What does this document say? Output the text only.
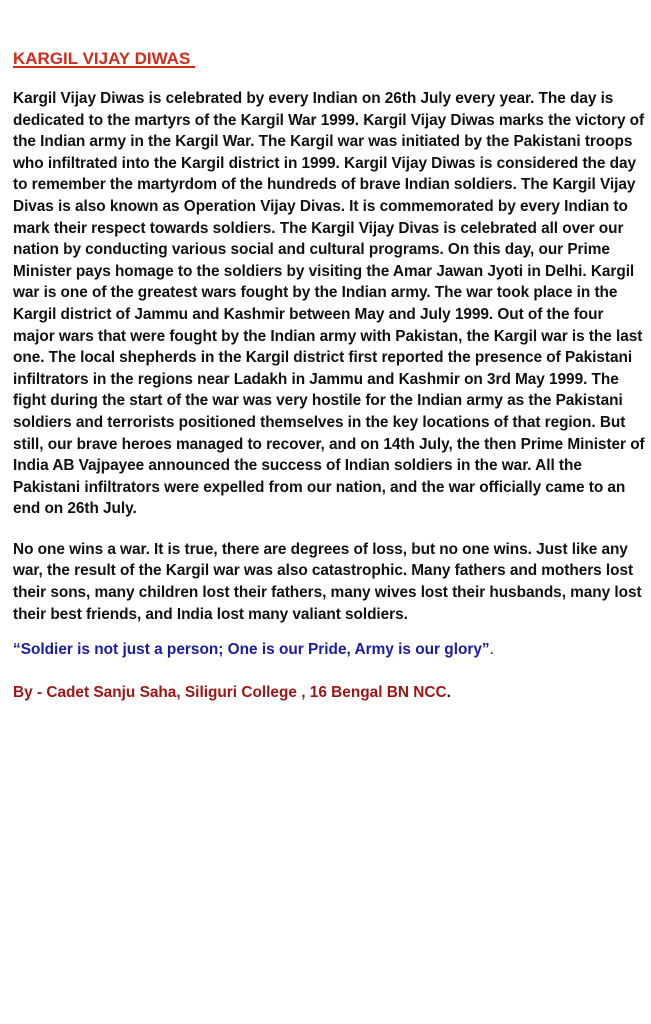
KARGIL VIJAY DIWAS

Kargil Vijay Diwas is celebrated by every Indian on 26th July every year. The day is dedicated to the martyrs of the Kargil War 1999. Kargil Vijay Diwas marks the victory of the Indian army in the Kargil War. The Kargil war was initiated by the Pakistani troops who infiltrated into the Kargil district in 1999. Kargil Vijay Diwas is considered the day to remember the martyrdom of the hundreds of brave Indian soldiers. The Kargil Vijay Divas is also known as Operation Vijay Divas. It is commemorated by every Indian to mark their respect towards soldiers. The Kargil Vijay Divas is celebrated all over our nation by conducting various social and cultural programs. On this day, our Prime Minister pays homage to the soldiers by visiting the Amar Jawan Jyoti in Delhi. Kargil war is one of the greatest wars fought by the Indian army. The war took place in the Kargil district of Jammu and Kashmir between May and July 1999. Out of the four major wars that were fought by the Indian army with Pakistan, the Kargil war is the last one. The local shepherds in the Kargil district first reported the presence of Pakistani infiltrators in the regions near Ladakh in Jammu and Kashmir on 3rd May 1999. The fight during the start of the war was very hostile for the Indian army as the Pakistani soldiers and terrorists positioned themselves in the key locations of that region. But still, our brave heroes managed to recover, and on 14th July, the then Prime Minister of India AB Vajpayee announced the success of Indian soldiers in the war. All the Pakistani infiltrators were expelled from our nation, and the war officially came to an end on 26th July.

No one wins a war. It is true, there are degrees of loss, but no one wins. Just like any war, the result of the Kargil war was also catastrophic. Many fathers and mothers lost their sons, many children lost their fathers, many wives lost their husbands, many lost their best friends, and India lost many valiant soldiers.

“Soldier is not just a person; One is our Pride, Army is our glory”.

By - Cadet Sanju Saha, Siliguri College , 16 Bengal BN NCC.
